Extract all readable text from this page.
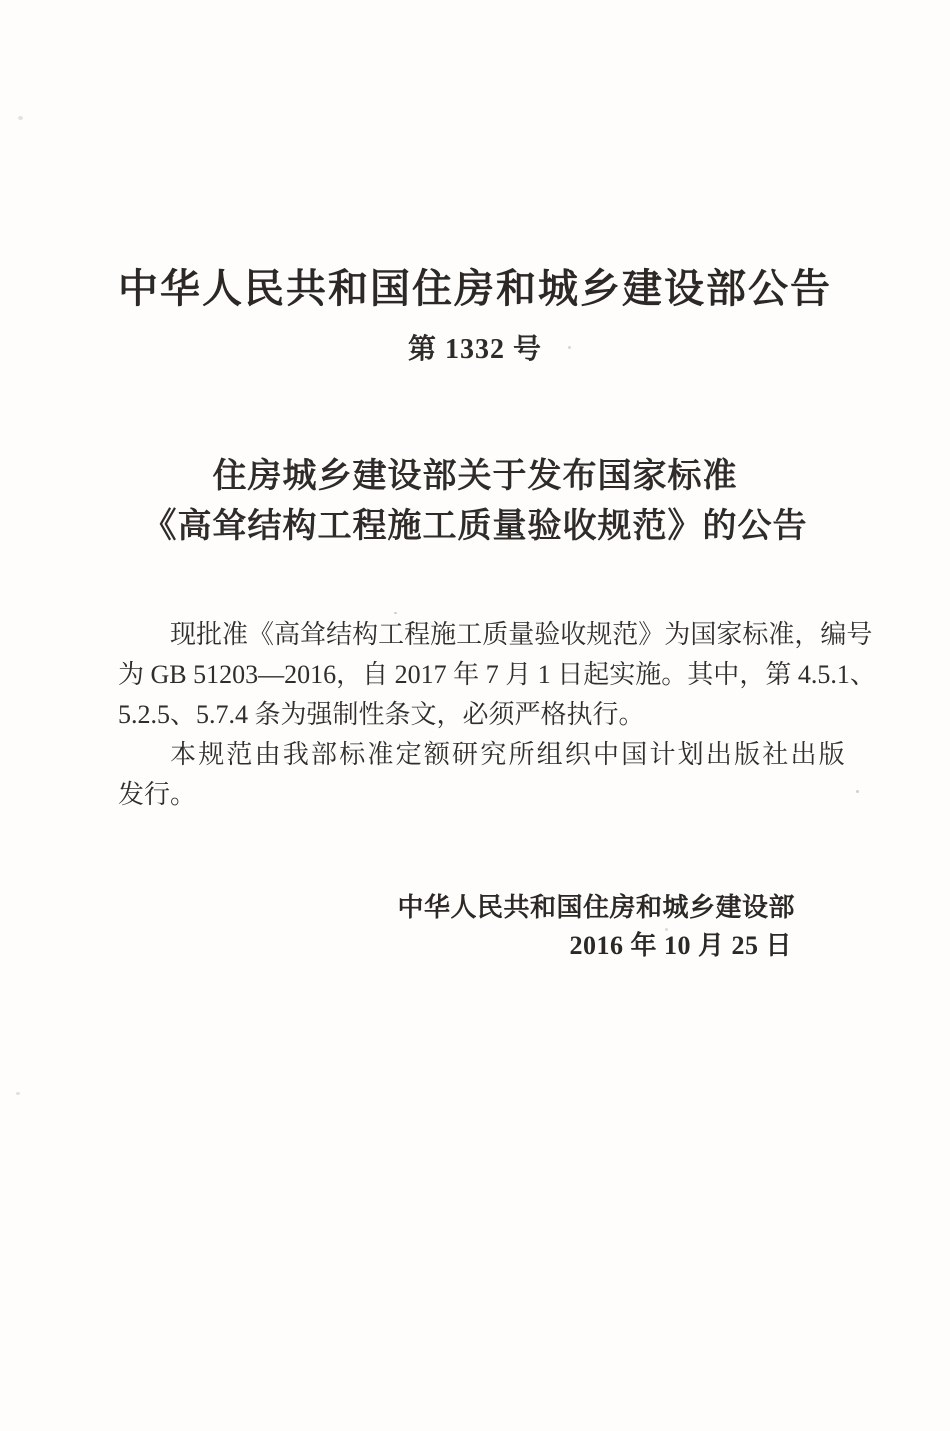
中华人民共和国住房和城乡建设部公告
第 1332 号
住房城乡建设部关于发布国家标准
《高耸结构工程施工质量验收规范》的公告
现 批 准 《 高 耸 结 构 工 程 施 工 质 量 验 收 规 范 》 为 国 家 标 准 ， 编 号
为 GB 51203—2016 ， 自 2017 年 7 月 1 日 起 实 施 。 其 中 ， 第 4.5.1 、
5.2.5、5.7.4 条为强制性条文，必须严格执行。
本 规 范 由 我 部 标 准 定 额 研 究 所 组 织 中 国 计 划 出 版 社 出 版
发行。
中华人民共和国住房和城乡建设部
2016 年 10 月 25 日
